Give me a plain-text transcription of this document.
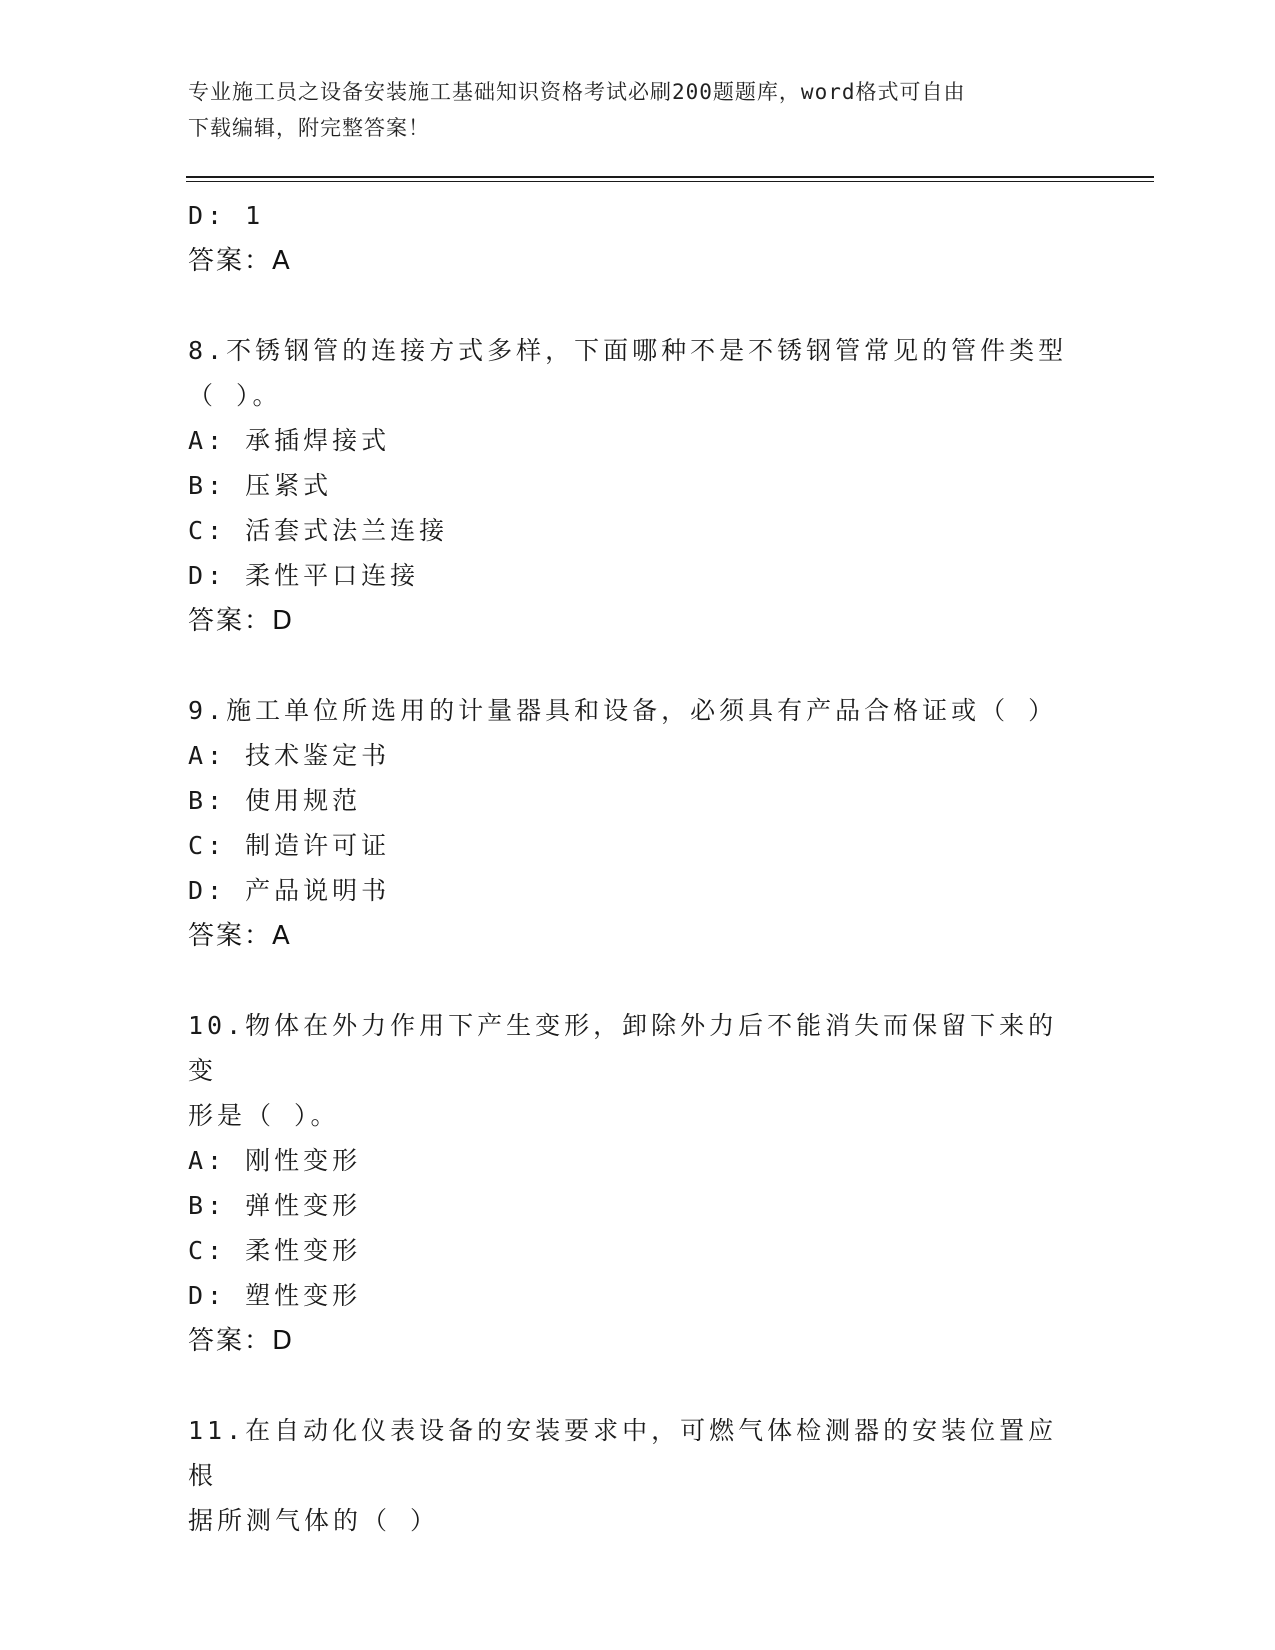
专业施工员之设备安装施工基础知识资格考试必刷200题题库，word格式可自由
下载编辑，附完整答案！
D: 1
答案：A
8.不锈钢管的连接方式多样，下面哪种不是不锈钢管常见的管件类型
（ ）。
A: 承插焊接式
B: 压紧式
C: 活套式法兰连接
D: 柔性平口连接
答案：D
9.施工单位所选用的计量器具和设备，必须具有产品合格证或（ ）
A: 技术鉴定书
B: 使用规范
C: 制造许可证
D: 产品说明书
答案：A
10.物体在外力作用下产生变形，卸除外力后不能消失而保留下来的变
形是（ ）。
A: 刚性变形
B: 弹性变形
C: 柔性变形
D: 塑性变形
答案：D
11.在自动化仪表设备的安装要求中，可燃气体检测器的安装位置应根
据所测气体的（ ）
